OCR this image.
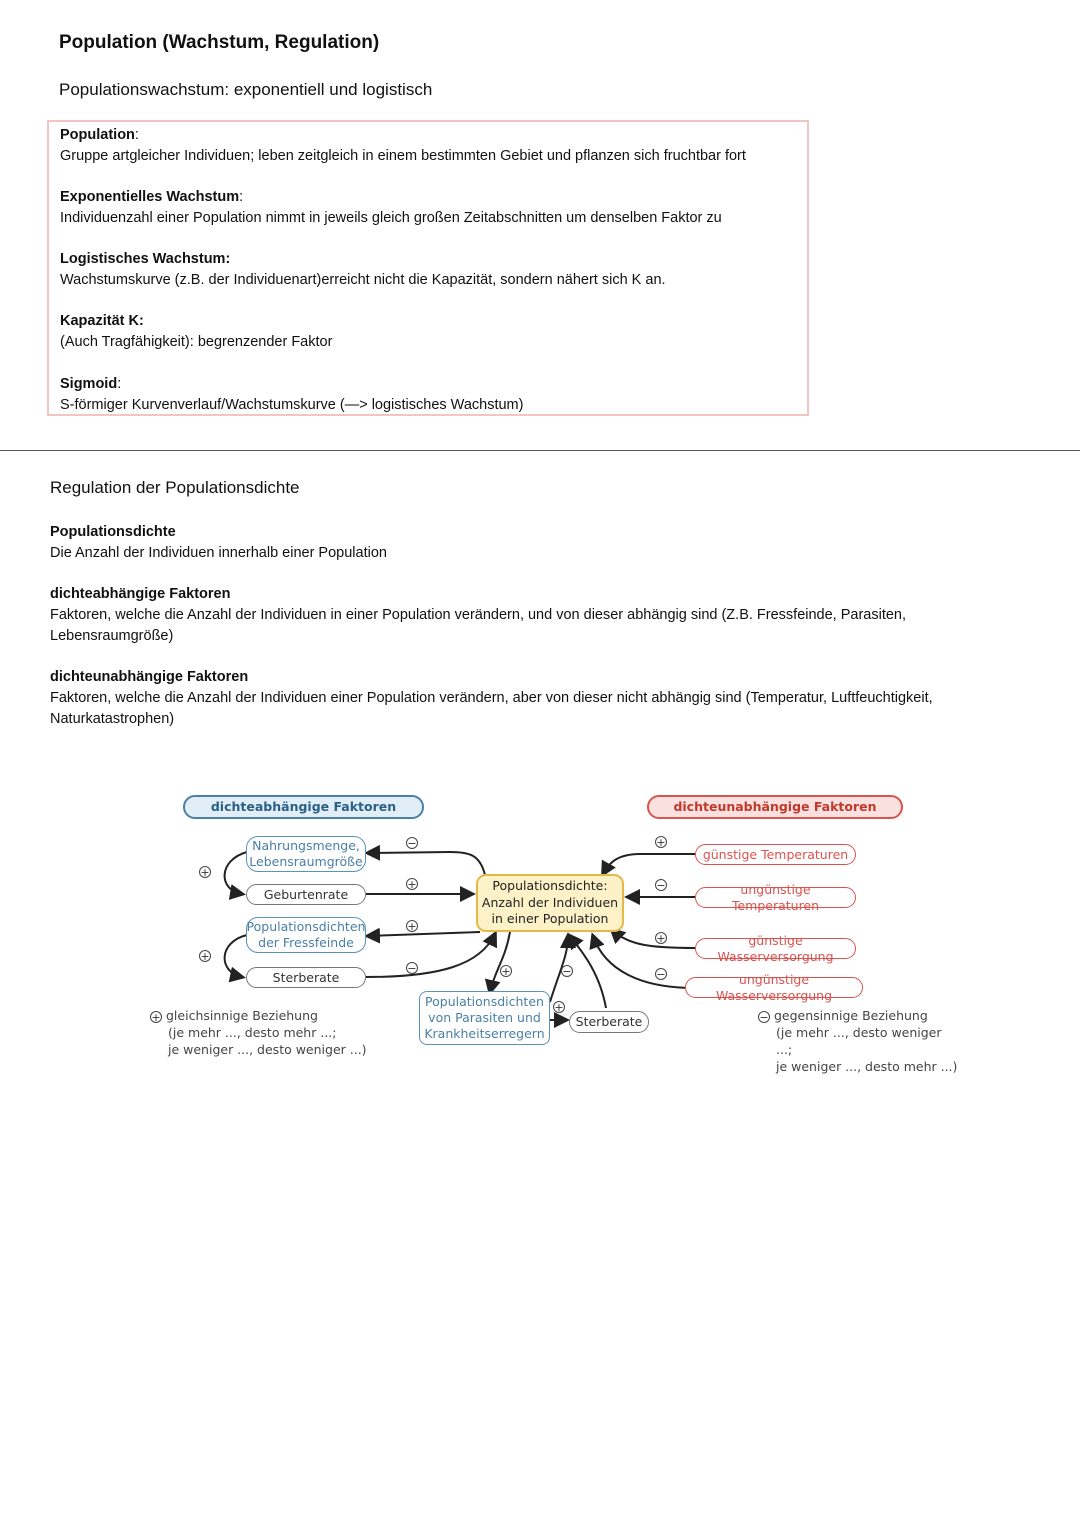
Population (Wachstum, Regulation)
Populationswachstum: exponentiell und logistisch
Population:
Gruppe artgleicher Individuen; leben zeitgleich in einem bestimmten Gebiet und pflanzen sich fruchtbar fort
Exponentielles Wachstum:
Individuenzahl einer Population nimmt in jeweils gleich großen Zeitabschnitten um denselben Faktor zu
Logistisches Wachstum:
Wachstumskurve (z.B. der Individuenart)erreicht nicht die Kapazität, sondern nähert sich K an.
Kapazität K:
(Auch Tragfähigkeit): begrenzender Faktor
Sigmoid:
S-förmiger Kurvenverlauf/Wachstumskurve (—> logistisches Wachstum)
Regulation der Populationsdichte
Populationsdichte
Die Anzahl der Individuen innerhalb einer Population
dichteabhängige Faktoren
Faktoren, welche die Anzahl der Individuen in einer Population verändern, und von dieser abhängig sind (Z.B. Fressfeinde, Parasiten, Lebensraumgröße)
dichteunabhängige Faktoren
Faktoren, welche die Anzahl der Individuen einer Population verändern, aber von dieser nicht abhängig sind (Temperatur, Luftfeuchtigkeit, Naturkatastrophen)
dichteabhängige Faktoren	dichteunabhängige Faktoren
Populationsdichte:
Anzahl der Individuen
in einer Population
Nahrungsmenge,
Lebensraumgröße
Geburtenrate
Populationsdichten
der Fressfeinde
Sterberate
Populationsdichten
von Parasiten und
Krankheitserregern
Sterberate
günstige Temperaturen
ungünstige Temperaturen
günstige Wasserversorgung
ungünstige Wasserversorgung
+
+
−
+
+
−	+
+
−
+
−
+
−
+ gleichsinnige Beziehung
(je mehr ..., desto mehr ...;
je weniger ..., desto weniger ...)
− gegensinnige Beziehung
(je mehr ..., desto weniger ...;
je weniger ..., desto mehr ...)
